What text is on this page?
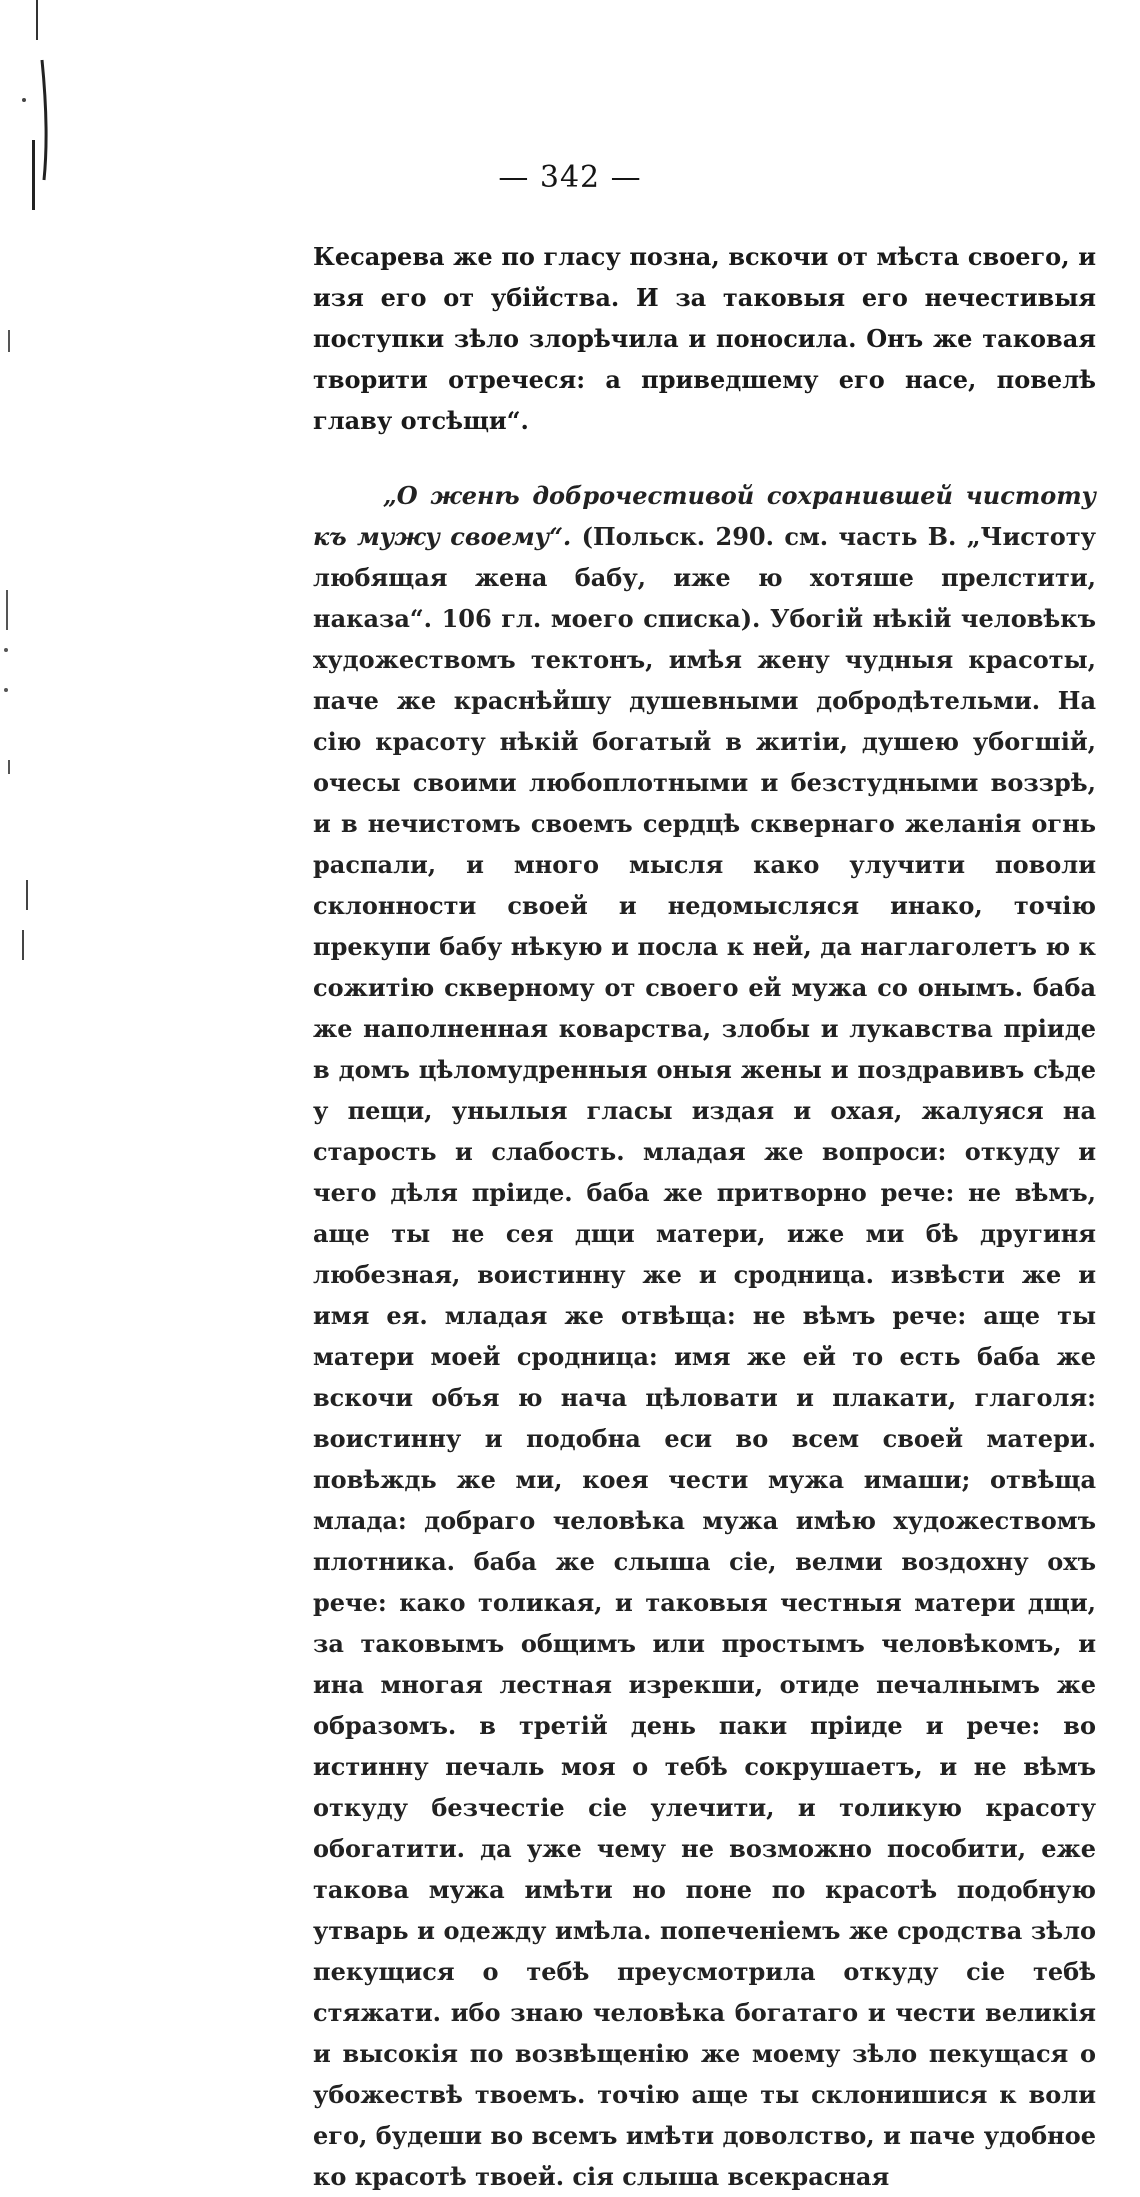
— 342 —

Кесарева же по гласу позна, вскочи от мѣста своего, и изя его от убійства. И за таковыя его нечестивыя поступки зѣло злорѣчила и поносила. Онъ же таковая творити отречеся: а приведшему его насе, повелѣ главу отсѣщи“.

„О женѣ доброчестивой сохранившей чистоту къ мужу своему“. (Польск. 290. см. часть В. „Чистоту любящая жена бабу, иже ю хотяше прелстити, наказа“. 106 гл. моего списка). Убогій нѣкій человѣкъ художествомъ тектонъ, имѣя жену чудныя красоты, паче же краснѣйшу душевными добродѣтельми. На сію красоту нѣкій богатый в житіи, душею убогшій, очесы своими любоплотными и безстудными воззрѣ, и в нечистомъ своемъ сердцѣ сквернаго желанія огнь распали, и много мысля како улучити поволи склонности своей и недомысляся инако, точію прекупи бабу нѣкую и посла к ней, да наглаголетъ ю к сожитію скверному от своего ей мужа со онымъ. баба же наполненная коварства, злобы и лукавства пріиде в домъ цѣломудренныя оныя жены и поздравивъ сѣде у пещи, унылыя гласы издая и охая, жалуяся на старость и слабость. младая же вопроси: откуду и чего дѣля пріиде. баба же притворно рече: не вѣмъ, аще ты не сея дщи матери, иже ми бѣ другиня любезная, воистинну же и сродница. извѣсти же и имя ея. младая же отвѣща: не вѣмъ рече: аще ты матери моей сродница: имя же ей то есть баба же вскочи объя ю нача цѣловати и плакати, глаголя: воистинну и подобна еси во всем своей матери. повѣждь же ми, коея чести мужа имаши; отвѣща млада: добраго человѣка мужа имѣю художествомъ плотника. баба же слыша сіе, велми воздохну охъ рече: како толикая, и таковыя честныя матери дщи, за таковымъ общимъ или простымъ человѣкомъ, и ина многая лестная изрекши, отиде печалнымъ же образомъ. в третій день паки пріиде и рече: во истинну печаль моя о тебѣ сокрушаетъ, и не вѣмъ откуду безчестіе сіе улечити, и толикую красоту обогатити. да уже чему не возможно пособити, еже такова мужа имѣти но поне по красотѣ подобную утварь и одежду имѣла. попеченіемъ же сродства зѣло пекущися о тебѣ преусмотрила откуду сіе тебѣ стяжати. ибо знаю человѣка богатаго и чести великія и высокія по возвѣщенію же моему зѣло пекущася о убожествѣ твоемъ. точію аще ты склонишися к воли его, будеши во всемъ имѣти доволство, и паче удобное ко красотѣ твоей. сія слыша всекрасная
